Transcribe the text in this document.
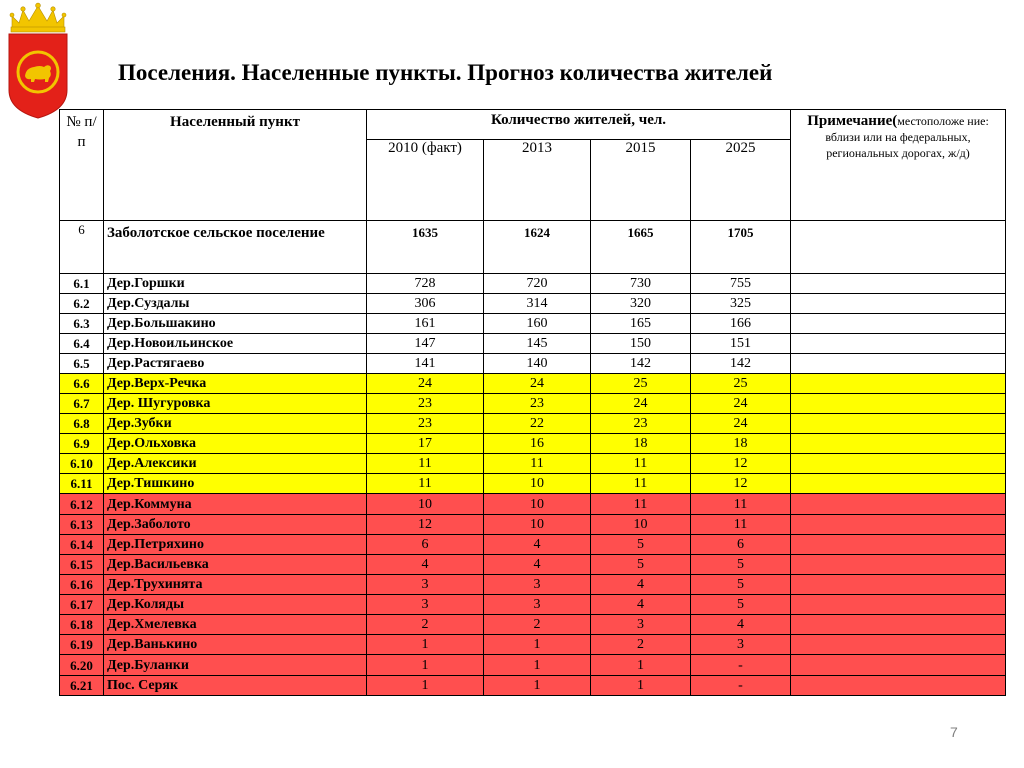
Поселения. Населенные пункты. Прогноз количества жителей
№ п/п	Населенный пункт	Количество жителей, чел.				Примечание(местоположе ние: вблизи или на федеральных, региональных дорогах, ж/д)
		2010 (факт)	2013	2015	2025	
6	Заболотское сельское поселение	1635	1624	1665	1705	
6.1	Дер.Горшки	728	720	730	755	
6.2	Дер.Суздалы	306	314	320	325	
6.3	Дер.Большакино	161	160	165	166	
6.4	Дер.Новоильинское	147	145	150	151	
6.5	Дер.Растягаево	141	140	142	142	
6.6	Дер.Верх-Речка	24	24	25	25	
6.7	Дер. Шугуровка	23	23	24	24	
6.8	Дер.Зубки	23	22	23	24	
6.9	Дер.Ольховка	17	16	18	18	
6.10	Дер.Алексики	11	11	11	12	
6.11	Дер.Тишкино	11	10	11	12	
6.12	Дер.Коммуна	10	10	11	11	
6.13	Дер.Заболото	12	10	10	11	
6.14	Дер.Петряхино	6	4	5	6	
6.15	Дер.Васильевка	4	4	5	5	
6.16	Дер.Трухинята	3	3	4	5	
6.17	Дер.Коляды	3	3	4	5	
6.18	Дер.Хмелевка	2	2	3	4	
6.19	Дер.Ванькино	1	1	2	3	
6.20	Дер.Буланки	1	1	1	-	
6.21	Пос. Серяк	1	1	1	-	
7
